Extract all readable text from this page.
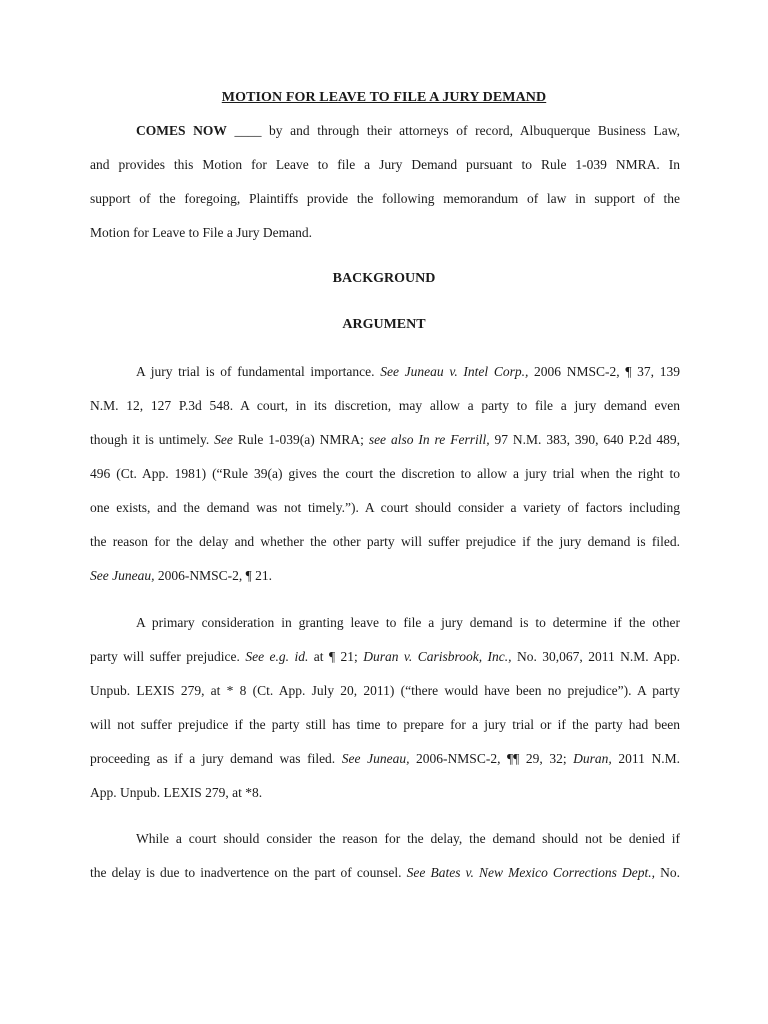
MOTION FOR LEAVE TO FILE A JURY DEMAND
COMES NOW ____ by and through their attorneys of record, Albuquerque Business Law,
and provides this Motion for Leave to file a Jury Demand pursuant to Rule 1-039 NMRA. In
support of the foregoing, Plaintiffs provide the following memorandum of law in support of the
Motion for Leave to File a Jury Demand.
BACKGROUND
ARGUMENT
A jury trial is of fundamental importance. See Juneau v. Intel Corp., 2006 NMSC-2, ¶ 37, 139
N.M. 12, 127 P.3d 548. A court, in its discretion, may allow a party to file a jury demand even
though it is untimely. See Rule 1-039(a) NMRA; see also In re Ferrill, 97 N.M. 383, 390, 640 P.2d 489,
496 (Ct. App. 1981) (“Rule 39(a) gives the court the discretion to allow a jury trial when the right to
one exists, and the demand was not timely.”). A court should consider a variety of factors including
the reason for the delay and whether the other party will suffer prejudice if the jury demand is filed.
See Juneau, 2006-NMSC-2, ¶ 21.
A primary consideration in granting leave to file a jury demand is to determine if the other
party will suffer prejudice. See e.g. id. at ¶ 21; Duran v. Carisbrook, Inc., No. 30,067, 2011 N.M. App.
Unpub. LEXIS 279, at * 8 (Ct. App. July 20, 2011) (“there would have been no prejudice”). A party
will not suffer prejudice if the party still has time to prepare for a jury trial or if the party had been
proceeding as if a jury demand was filed. See Juneau, 2006-NMSC-2, ¶¶ 29, 32; Duran, 2011 N.M.
App. Unpub. LEXIS 279, at *8.
While a court should consider the reason for the delay, the demand should not be denied if
the delay is due to inadvertence on the part of counsel. See Bates v. New Mexico Corrections Dept., No.
